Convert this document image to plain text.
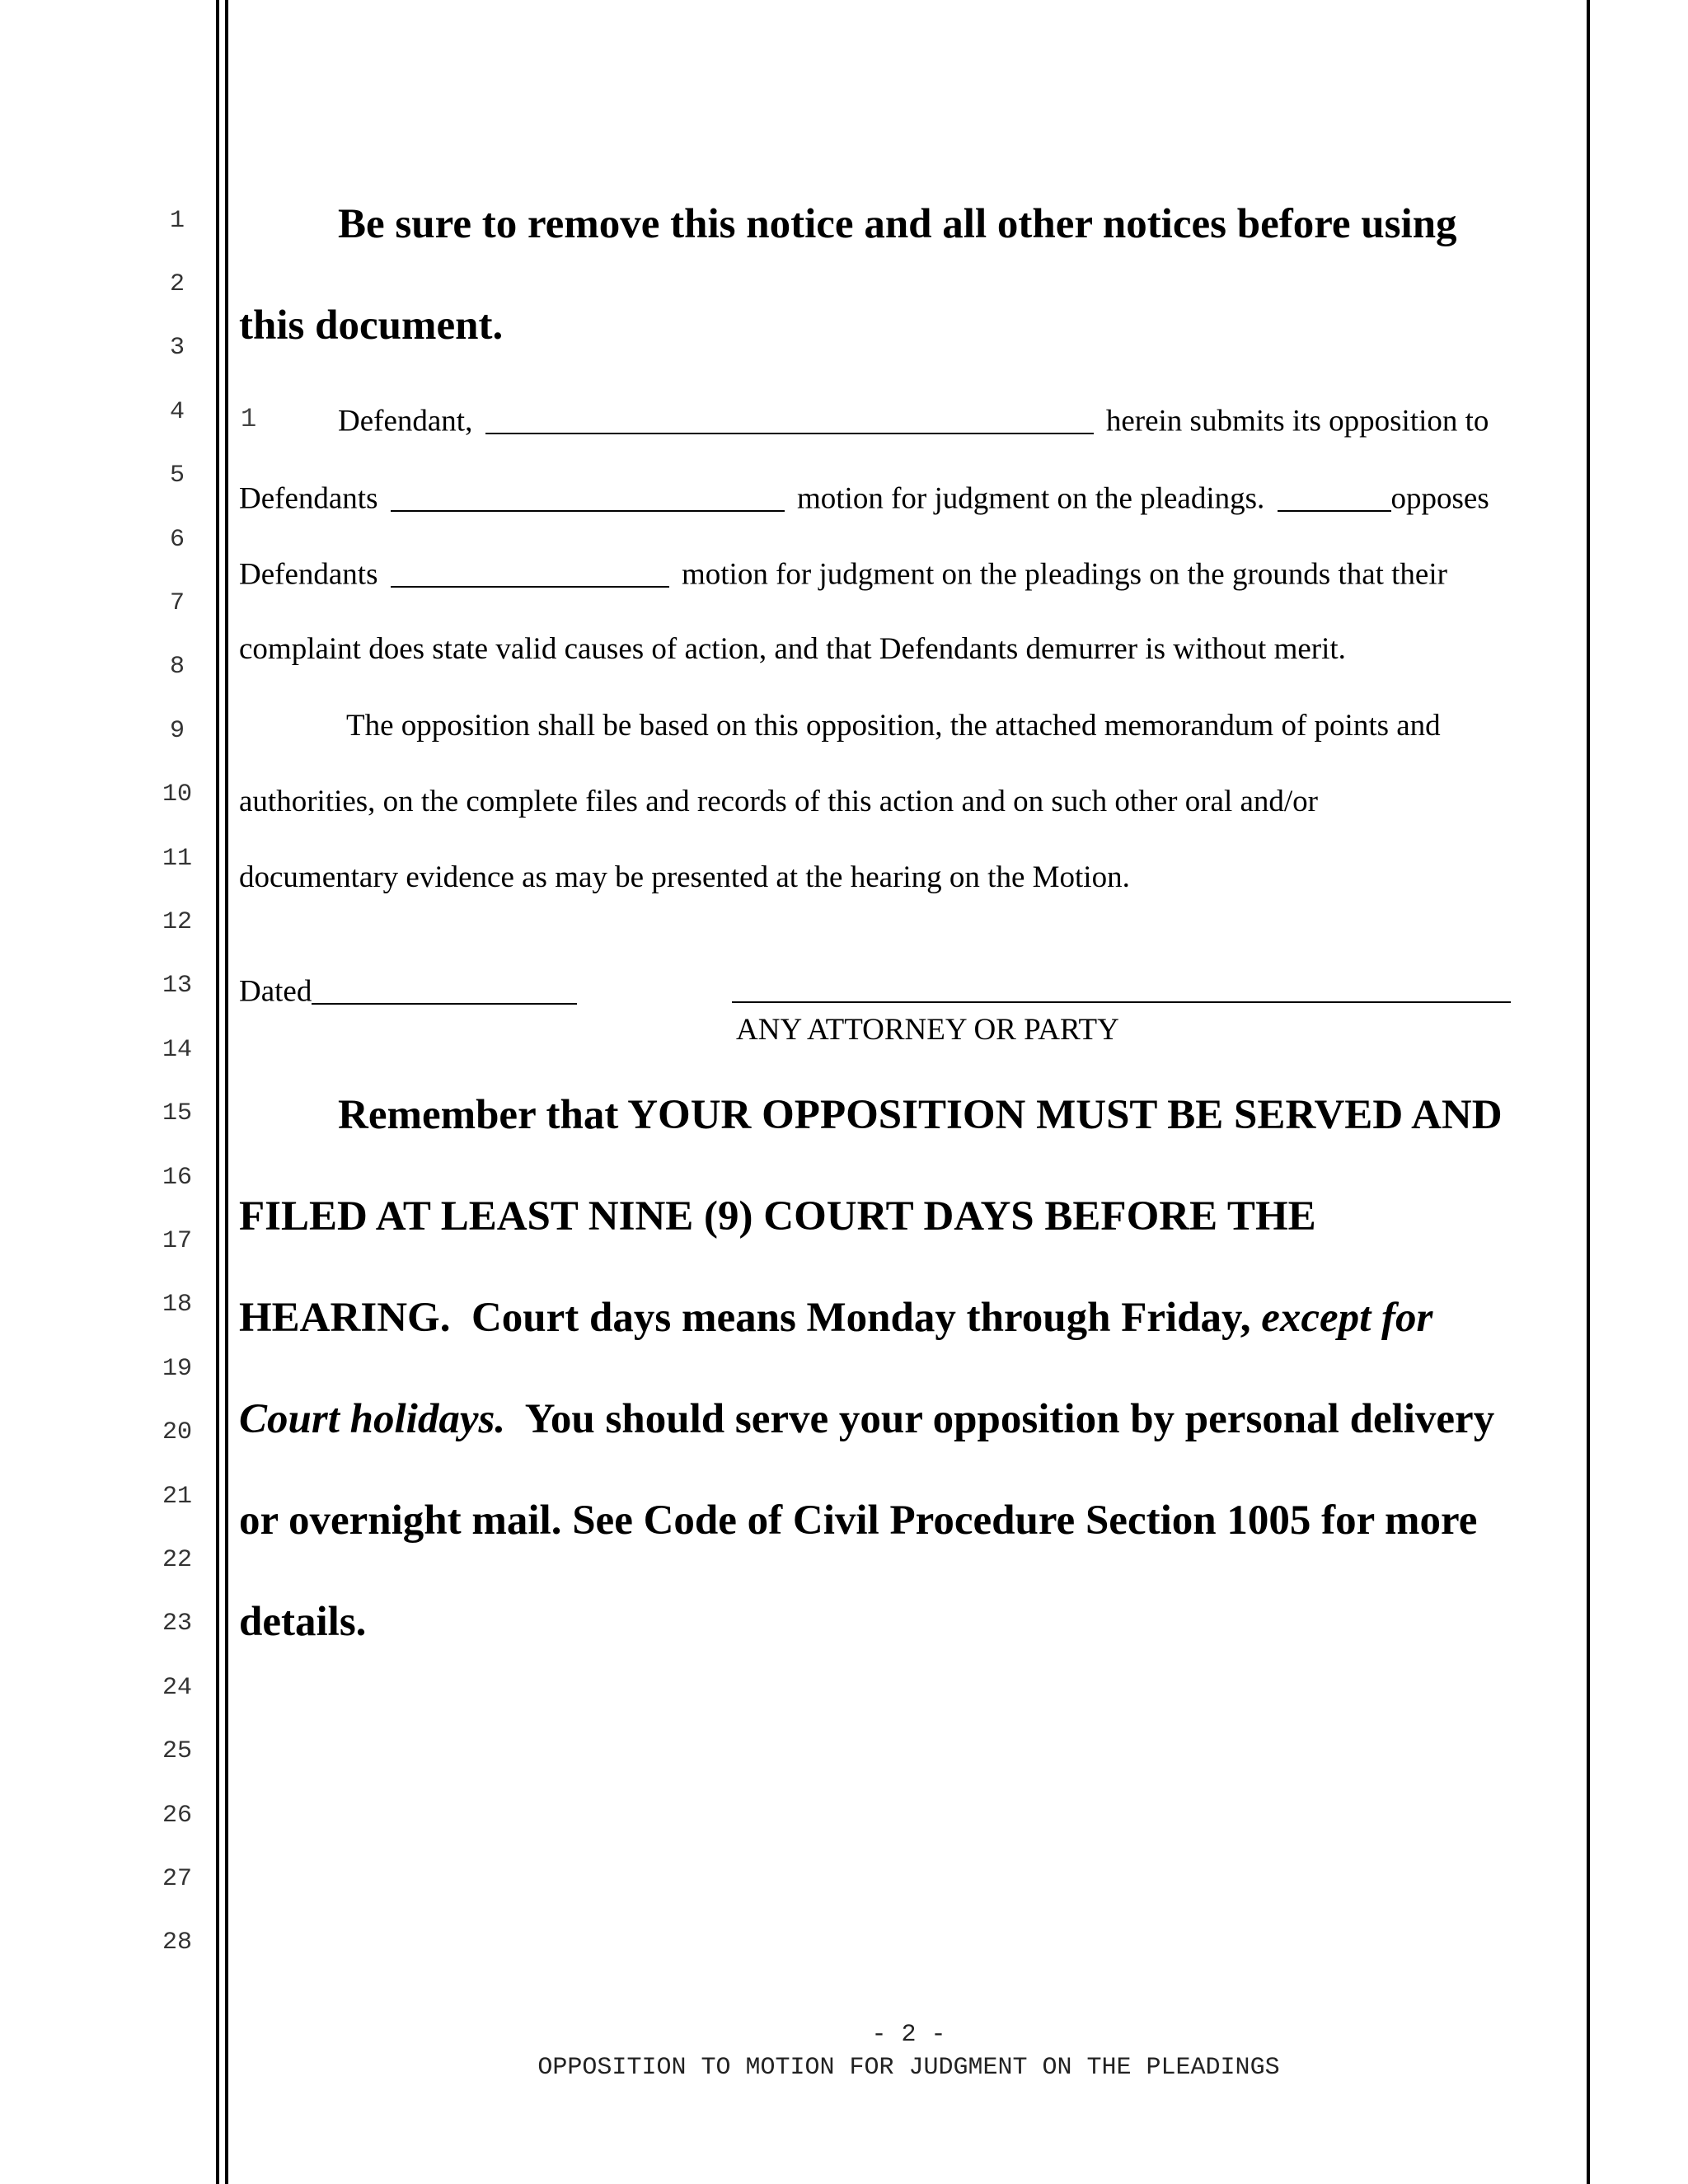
1
2
3
4
5
6
7
8
9
10
11
12
13
14
15
16
17
18
19
20
21
22
23
24
25
26
27
28
Be sure to remove this notice and all other notices before using
this document.
1	Defendant,	herein submits its opposition to
Defendants	motion for judgment on the pleadings.	opposes
Defendants	motion for judgment on the pleadings on the grounds that their
complaint does state valid causes of action, and that Defendants demurrer is without merit.
The opposition shall be based on this opposition, the attached memorandum of points and
authorities, on the complete files and records of this action and on such other oral and/or
documentary evidence as may be presented at the hearing on the Motion.
Dated
ANY ATTORNEY OR PARTY
Remember that YOUR OPPOSITION MUST BE SERVED AND
FILED AT LEAST NINE (9) COURT DAYS BEFORE THE
HEARING.  Court days means Monday through Friday, except for
Court holidays.  You should serve your opposition by personal delivery
or overnight mail. See Code of Civil Procedure Section 1005 for more
details.
- 2 -
OPPOSITION TO MOTION FOR JUDGMENT ON THE PLEADINGS
